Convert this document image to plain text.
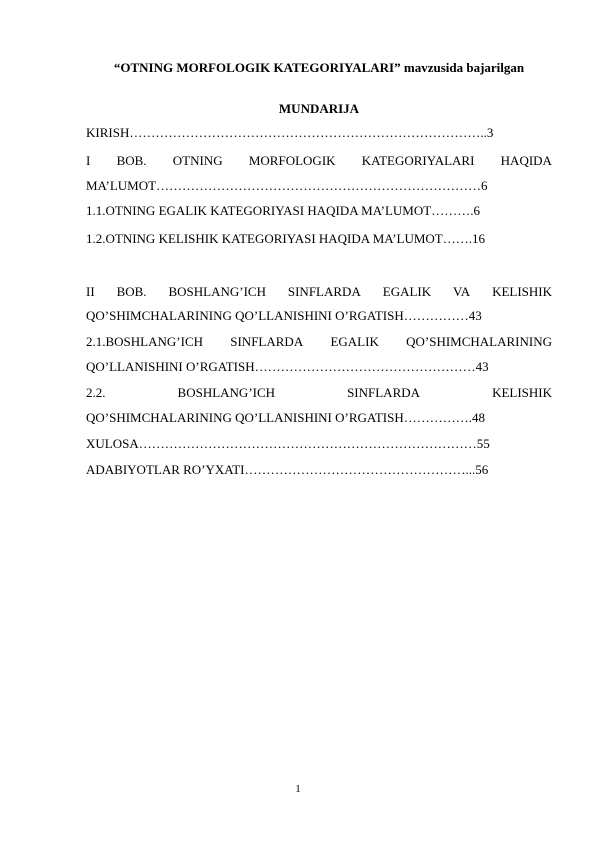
“OTNING MORFOLOGIK KATEGORIYALARI” mavzusida bajarilgan
MUNDARIJA
KIRISH………………………………………………………………………..3
I BOB. OTNING MORFOLOGIK KATEGORIYALARI HAQIDA
MA’LUMOT…………………………………………………………………6
1.1.OTNING EGALIK KATEGORIYASI HAQIDA MA’LUMOT……….6
1.2.OTNING KELISHIK KATEGORIYASI HAQIDA MA’LUMOT…….16
II BOB. BOSHLANG’ICH SINFLARDA EGALIK VA KELISHIK
QO’SHIMCHALARINING QO’LLANISHINI O’RGATISH……………43
2.1.BOSHLANG’ICH SINFLARDA EGALIK QO’SHIMCHALARINING
QO’LLANISHINI O’RGATISH……………………………………………43
2.2.	BOSHLANG’ICH	SINFLARDA	KELISHIK
QO’SHIMCHALARINING QO’LLANISHINI O’RGATISH…………….48
XULOSA……………………………………………………………………55
ADABIYOTLAR RO’YXATI……………………………………………...56
1
